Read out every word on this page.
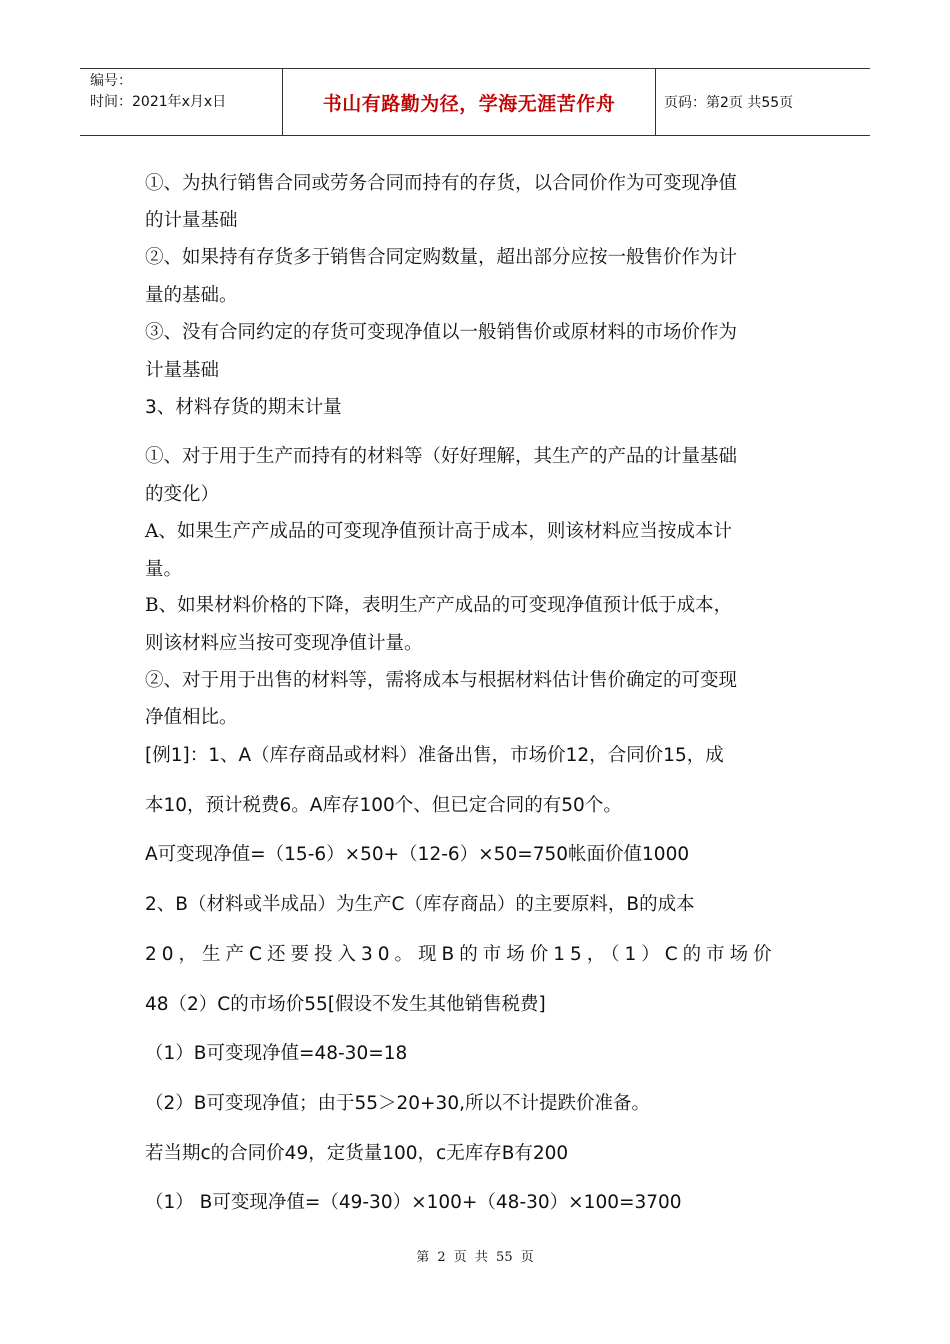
编号：
时间：2021年x月x日	书山有路勤为径，学海无涯苦作舟	页码：第2页 共55页
①、为执行销售合同或劳务合同而持有的存货，以合同价作为可变现净值
的计量基础
②、如果持有存货多于销售合同定购数量，超出部分应按一般售价作为计
量的基础。
③、没有合同约定的存货可变现净值以一般销售价或原材料的市场价作为
计量基础
3、材料存货的期末计量
①、对于用于生产而持有的材料等（好好理解，其生产的产品的计量基础
的变化）
A、如果生产产成品的可变现净值预计高于成本，则该材料应当按成本计
量。
B、如果材料价格的下降，表明生产产成品的可变现净值预计低于成本，
则该材料应当按可变现净值计量。
②、对于用于出售的材料等，需将成本与根据材料估计售价确定的可变现
净值相比。
[例1]：1、A（库存商品或材料）准备出售，市场价12，合同价15，成
本10，预计税费6。A库存100个、但已定合同的有50个。
A可变现净值=（15-6）×50+（12-6）×50=750帐面价值1000
2、B（材料或半成品）为生产C（库存商品）的主要原料，B的成本
20，生产C还要投入30。现B的市场价15，（1）C的市场价
48（2）C的市场价55[假设不发生其他销售税费]
（1）B可变现净值=48-30=18
（2）B可变现净值；由于55＞20+30,所以不计提跌价准备。
若当期c的合同价49，定货量100，c无库存B有200
（1） B可变现净值=（49-30）×100+（48-30）×100=3700
第 2 页 共 55 页
